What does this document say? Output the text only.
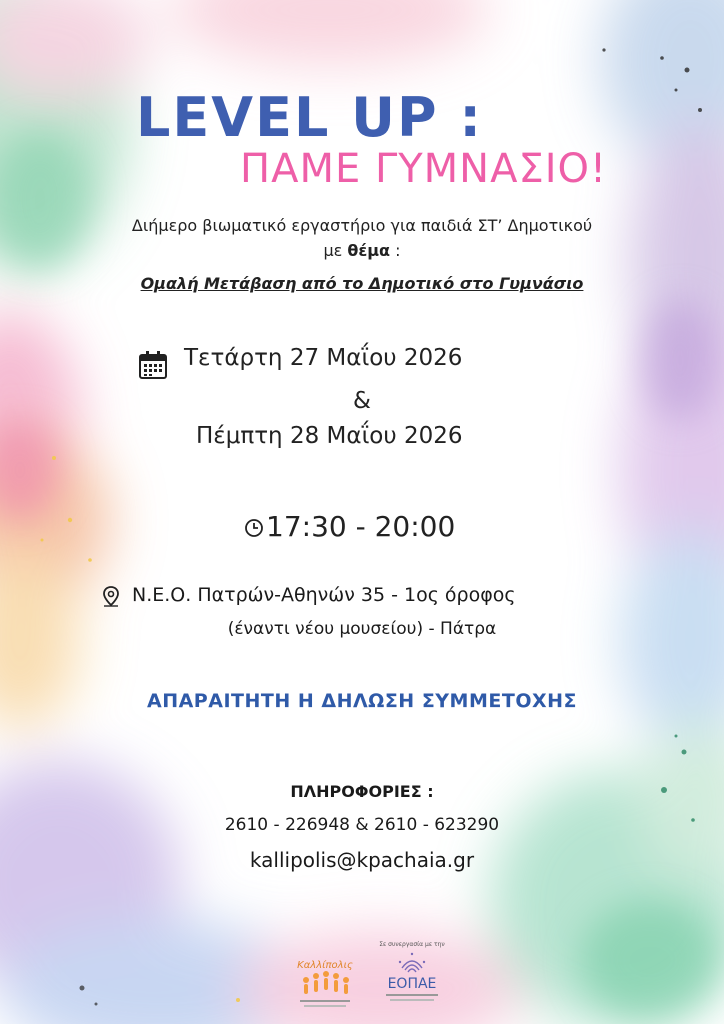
LEVEL UP :
ΠΑΜΕ ΓΥΜΝΑΣΙΟ!
Διήμερο βιωματικό εργαστήριο για παιδιά ΣΤ’ Δημοτικού
με θέμα :
Ομαλή Μετάβαση από το Δημοτικό στο Γυμνάσιο
Τετάρτη 27 Μαΐου 2026
&
Πέμπτη 28 Μαΐου 2026
17:30 - 20:00
Ν.Ε.Ο. Πατρών-Αθηνών 35 - 1ος όροφος
(έναντι νέου μουσείου) - Πάτρα
ΑΠΑΡΑΙΤΗΤΗ Η ΔΗΛΩΣΗ ΣΥΜΜΕΤΟΧΗΣ
ΠΛΗΡΟΦΟΡΙΕΣ :
2610 - 226948 & 2610 - 623290
kallipolis@kpachaia.gr
Καλλίπολις
Σε συνεργασία με την
ΕΟΠΑΕ
